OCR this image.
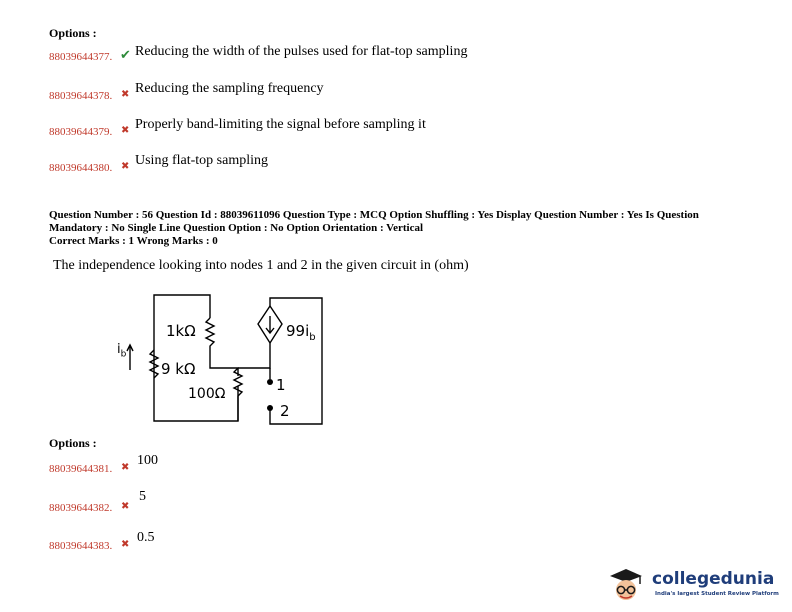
Options :
88039644377. ✔ Reducing the width of the pulses used for flat-top sampling
88039644378. ✖ Reducing the sampling frequency
88039644379. ✖ Properly band-limiting the signal before sampling it
88039644380. ✖ Using flat-top sampling
Question Number : 56 Question Id : 88039611096 Question Type : MCQ Option Shuffling : Yes Display Question Number : Yes Is Question
Mandatory : No Single Line Question Option : No Option Orientation : Vertical
Correct Marks : 1 Wrong Marks : 0
The independence looking into nodes 1 and 2 in the given circuit in (ohm)
1kΩ
9 kΩ
100Ω
$99i_b$
$i_b$
1
2
Options :
88039644381. ✖ 100
88039644382. ✖
5
88039644383. ✖ 0.5
collegedunia
India's largest Student Review Platform
